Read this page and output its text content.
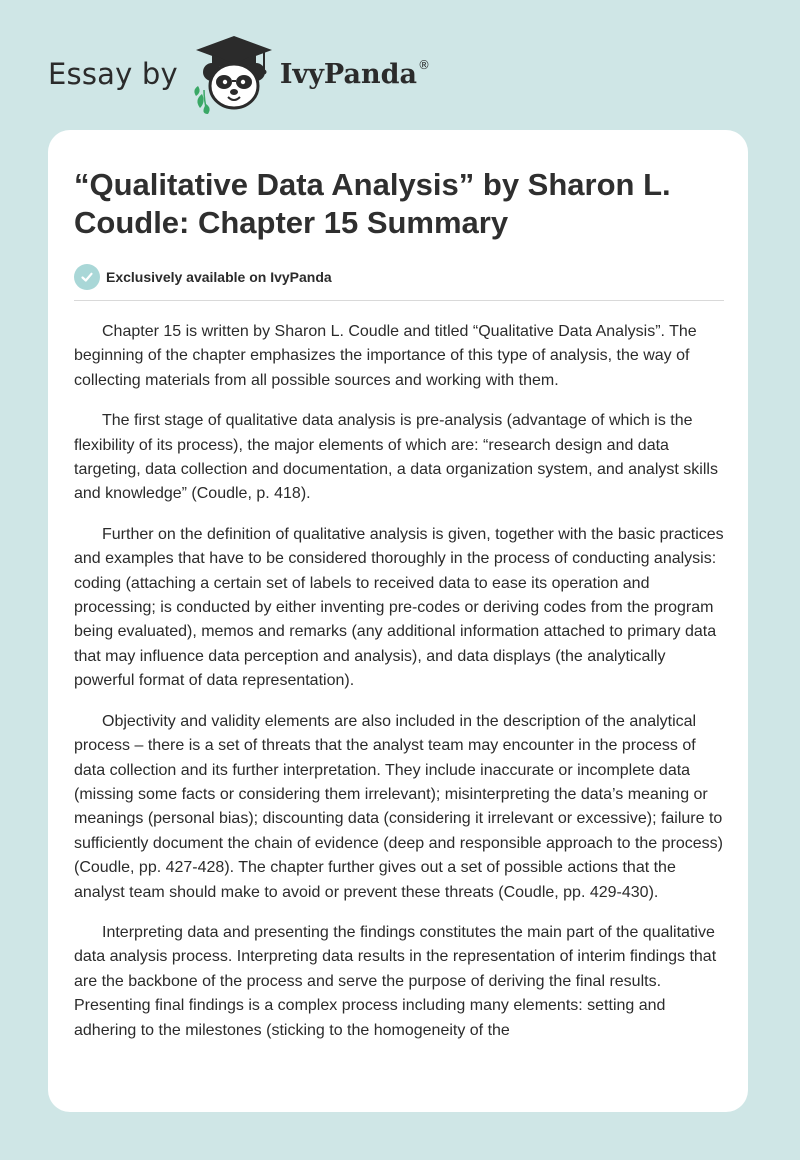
Essay by	IvyPanda ®
“Qualitative Data Analysis” by Sharon L. Coudle: Chapter 15 Summary
Exclusively available on IvyPanda

Chapter 15 is written by Sharon L. Coudle and titled “Qualitative Data Analysis”. The beginning of the chapter emphasizes the importance of this type of analysis, the way of collecting materials from all possible sources and working with them.

The first stage of qualitative data analysis is pre-analysis (advantage of which is the flexibility of its process), the major elements of which are: “research design and data targeting, data collection and documentation, a data organization system, and analyst skills and knowledge” (Coudle, p. 418).

Further on the definition of qualitative analysis is given, together with the basic practices and examples that have to be considered thoroughly in the process of conducting analysis: coding (attaching a certain set of labels to received data to ease its operation and processing; is conducted by either inventing pre-codes or deriving codes from the program being evaluated), memos and remarks (any additional information attached to primary data that may influence data perception and analysis), and data displays (the analytically powerful format of data representation).

Objectivity and validity elements are also included in the description of the analytical process – there is a set of threats that the analyst team may encounter in the process of data collection and its further interpretation. They include inaccurate or incomplete data (missing some facts or considering them irrelevant); misinterpreting the data’s meaning or meanings (personal bias); discounting data (considering it irrelevant or excessive); failure to sufficiently document the chain of evidence (deep and responsible approach to the process) (Coudle, pp. 427-428). The chapter further gives out a set of possible actions that the analyst team should make to avoid or prevent these threats (Coudle, pp. 429-430).

Interpreting data and presenting the findings constitutes the main part of the qualitative data analysis process. Interpreting data results in the representation of interim findings that are the backbone of the process and serve the purpose of deriving the final results. Presenting final findings is a complex process including many elements: setting and adhering to the milestones (sticking to the homogeneity of the
